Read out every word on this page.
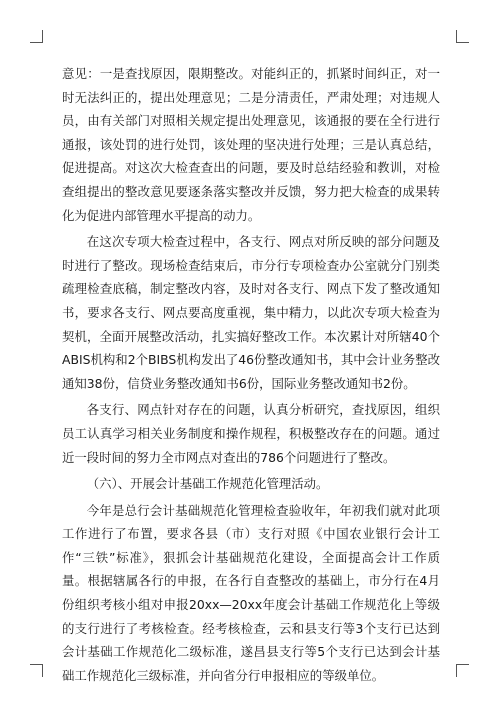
意见：一是查找原因，限期整改。对能纠正的，抓紧时间纠正，对一时无法纠正的，提出处理意见；二是分清责任，严肃处理；对违规人员，由有关部门对照相关规定提出处理意见，该通报的要在全行进行通报，该处罚的进行处罚，该处理的坚决进行处理；三是认真总结，促进提高。对这次大检查查出的问题，要及时总结经验和教训，对检查组提出的整改意见要逐条落实整改并反馈，努力把大检查的成果转化为促进内部管理水平提高的动力。

在这次专项大检查过程中，各支行、网点对所反映的部分问题及时进行了整改。现场检查结束后，市分行专项检查办公室就分门别类疏理检查底稿，制定整改内容，及时对各支行、网点下发了整改通知书，要求各支行、网点要高度重视，集中精力，以此次专项大检查为契机，全面开展整改活动，扎实搞好整改工作。本次累计对所辖40个ABIS机构和2个BIBS机构发出了46份整改通知书，其中会计业务整改通知38份，信贷业务整改通知书6份，国际业务整改通知书2份。

各支行、网点针对存在的问题，认真分析研究，查找原因，组织员工认真学习相关业务制度和操作规程，积极整改存在的问题。通过近一段时间的努力全市网点对查出的786个问题进行了整改。

（六）、开展会计基础工作规范化管理活动。

今年是总行会计基础规范化管理检查验收年，年初我们就对此项工作进行了布置，要求各县（市）支行对照《中国农业银行会计工作“三铁”标准》，狠抓会计基础规范化建设，全面提高会计工作质量。根据辖属各行的申报，在各行自查整改的基础上，市分行在4月份组织考核小组对申报20xx—20xx年度会计基础工作规范化上等级的支行进行了考核检查。经考核检查，云和县支行等3个支行已达到会计基础工作规范化二级标准，遂昌县支行等5个支行已达到会计基础工作规范化三级标准，并向省分行申报相应的等级单位。
